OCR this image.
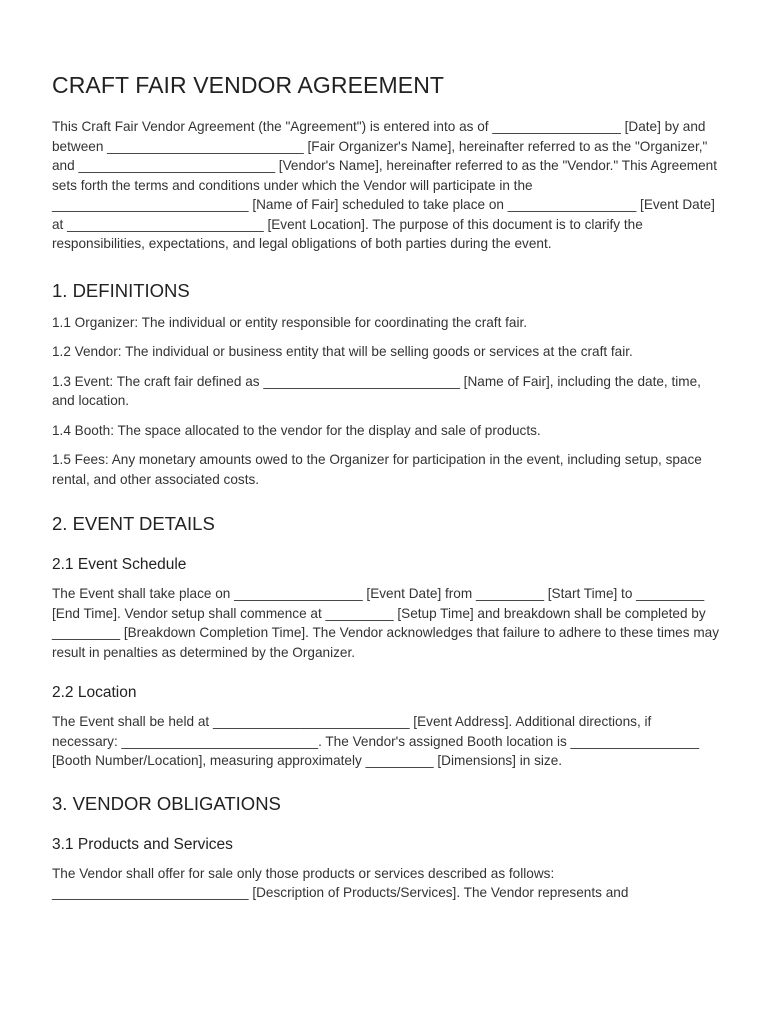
CRAFT FAIR VENDOR AGREEMENT

This Craft Fair Vendor Agreement (the "Agreement") is entered into as of _________________ [Date] by and between __________________________ [Fair Organizer's Name], hereinafter referred to as the "Organizer," and __________________________ [Vendor's Name], hereinafter referred to as the "Vendor." This Agreement sets forth the terms and conditions under which the Vendor will participate in the __________________________ [Name of Fair] scheduled to take place on _________________ [Event Date] at __________________________ [Event Location]. The purpose of this document is to clarify the responsibilities, expectations, and legal obligations of both parties during the event.

1. DEFINITIONS

1.1 Organizer: The individual or entity responsible for coordinating the craft fair.

1.2 Vendor: The individual or business entity that will be selling goods or services at the craft fair.

1.3 Event: The craft fair defined as __________________________ [Name of Fair], including the date, time, and location.

1.4 Booth: The space allocated to the vendor for the display and sale of products.

1.5 Fees: Any monetary amounts owed to the Organizer for participation in the event, including setup, space rental, and other associated costs.

2. EVENT DETAILS
2.1 Event Schedule

The Event shall take place on _________________ [Event Date] from _________ [Start Time] to _________ [End Time]. Vendor setup shall commence at _________ [Setup Time] and breakdown shall be completed by _________ [Breakdown Completion Time]. The Vendor acknowledges that failure to adhere to these times may result in penalties as determined by the Organizer.

2.2 Location

The Event shall be held at __________________________ [Event Address]. Additional directions, if necessary: __________________________. The Vendor's assigned Booth location is _________________ [Booth Number/Location], measuring approximately _________ [Dimensions] in size.

3. VENDOR OBLIGATIONS
3.1 Products and Services

The Vendor shall offer for sale only those products or services described as follows: __________________________ [Description of Products/Services]. The Vendor represents and
